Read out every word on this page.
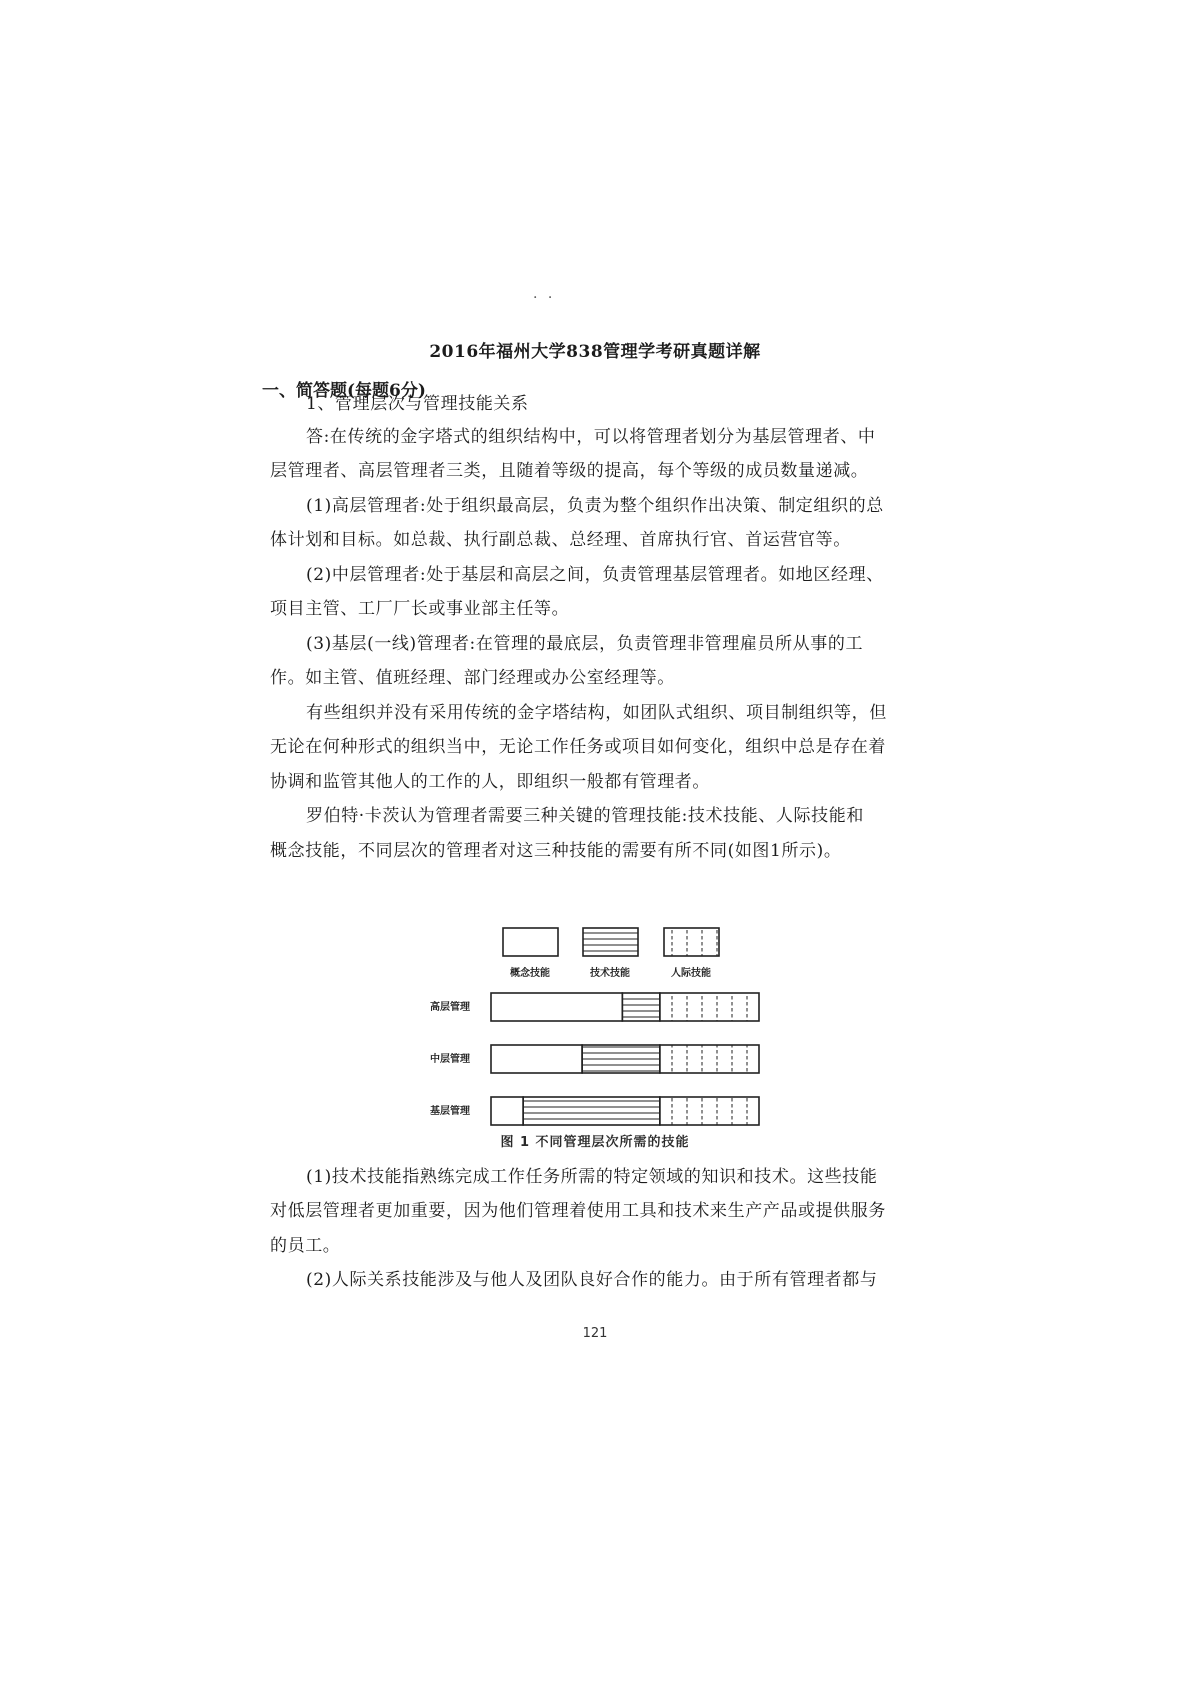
· ·
2016年福州大学838管理学考研真题详解
一、简答题(每题6分)
1、管理层次与管理技能关系
答:在传统的金字塔式的组织结构中，可以将管理者划分为基层管理者、中
层管理者、高层管理者三类，且随着等级的提高，每个等级的成员数量递减。
(1)高层管理者:处于组织最高层，负责为整个组织作出决策、制定组织的总
体计划和目标。如总裁、执行副总裁、总经理、首席执行官、首运营官等。
(2)中层管理者:处于基层和高层之间，负责管理基层管理者。如地区经理、
项目主管、工厂厂长或事业部主任等。
(3)基层(一线)管理者:在管理的最底层，负责管理非管理雇员所从事的工
作。如主管、值班经理、部门经理或办公室经理等。
有些组织并没有采用传统的金字塔结构，如团队式组织、项目制组织等，但
无论在何种形式的组织当中，无论工作任务或项目如何变化，组织中总是存在着
协调和监管其他人的工作的人，即组织一般都有管理者。
罗伯特·卡茨认为管理者需要三种关键的管理技能:技术技能、人际技能和
概念技能，不同层次的管理者对这三种技能的需要有所不同(如图1所示)。
概念技能	技术技能	人际技能
高层管理
中层管理
基层管理
图 1 不同管理层次所需的技能
(1)技术技能指熟练完成工作任务所需的特定领域的知识和技术。这些技能
对低层管理者更加重要，因为他们管理着使用工具和技术来生产产品或提供服务
的员工。
(2)人际关系技能涉及与他人及团队良好合作的能力。由于所有管理者都与
121
